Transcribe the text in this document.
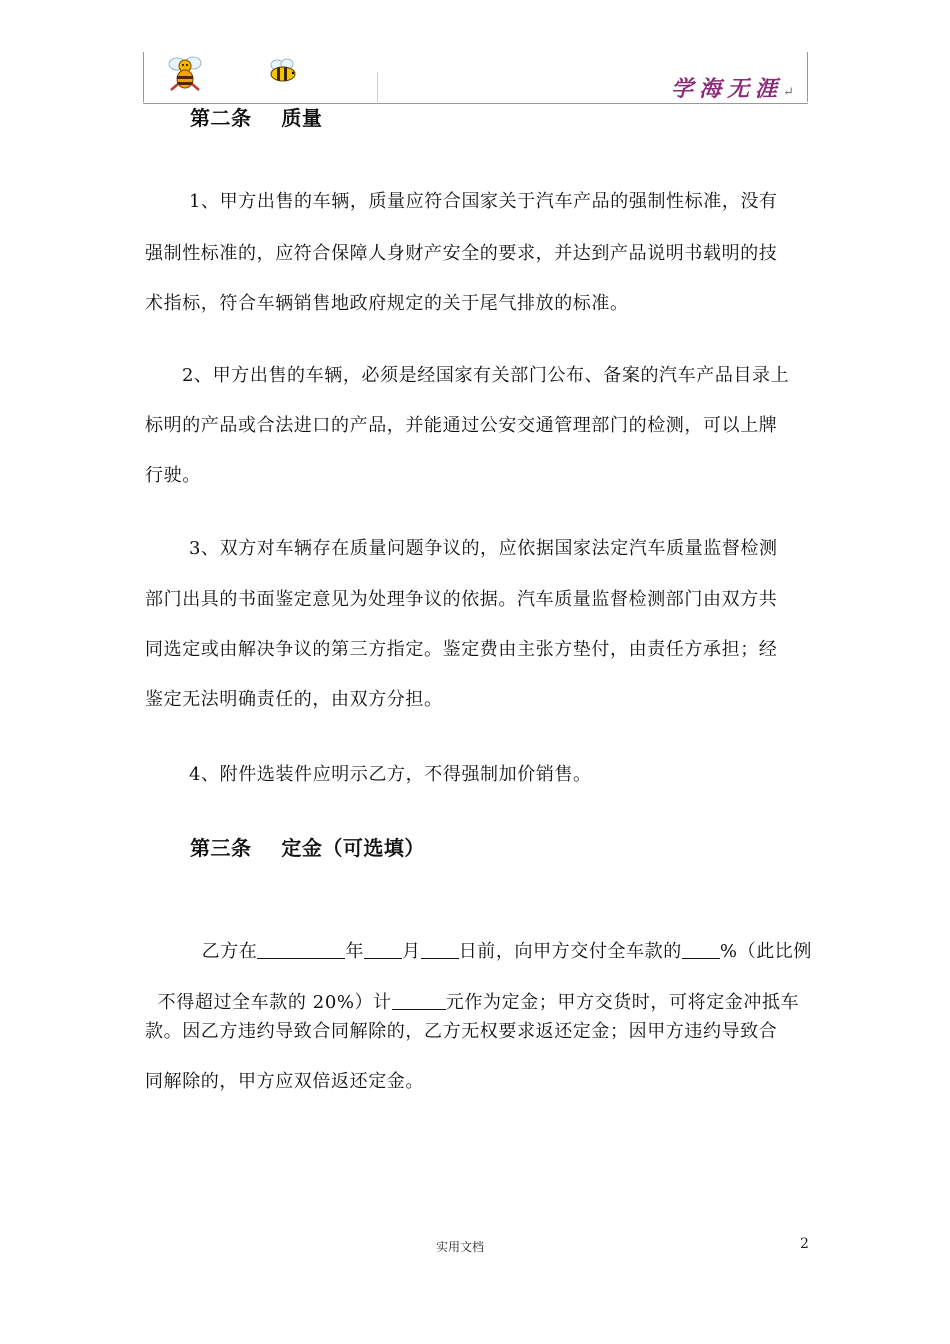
学海无涯↵
第二条    质量
1、甲方出售的车辆，质量应符合国家关于汽车产品的强制性标准，没有
强制性标准的，应符合保障人身财产安全的要求，并达到产品说明书载明的技
术指标，符合车辆销售地政府规定的关于尾气排放的标准。
2、甲方出售的车辆，必须是经国家有关部门公布、备案的汽车产品目录上
标明的产品或合法进口的产品，并能通过公安交通管理部门的检测，可以上牌
行驶。
3、双方对车辆存在质量问题争议的，应依据国家法定汽车质量监督检测
部门出具的书面鉴定意见为处理争议的依据。汽车质量监督检测部门由双方共
同选定或由解决争议的第三方指定。鉴定费由主张方垫付，由责任方承担；经
鉴定无法明确责任的，由双方分担。
4、附件选装件应明示乙方，不得强制加价销售。
第三条    定金（可选填）

乙方在	年 月 日前，向甲方交付全车款的 %（此比例

不得超过全车款的 20%）计	元作为定金；甲方交货时，可将定金冲抵车

款。因乙方违约导致合同解除的，乙方无权要求返还定金；因甲方违约导致合
同解除的，甲方应双倍返还定金。
实用文档	2
